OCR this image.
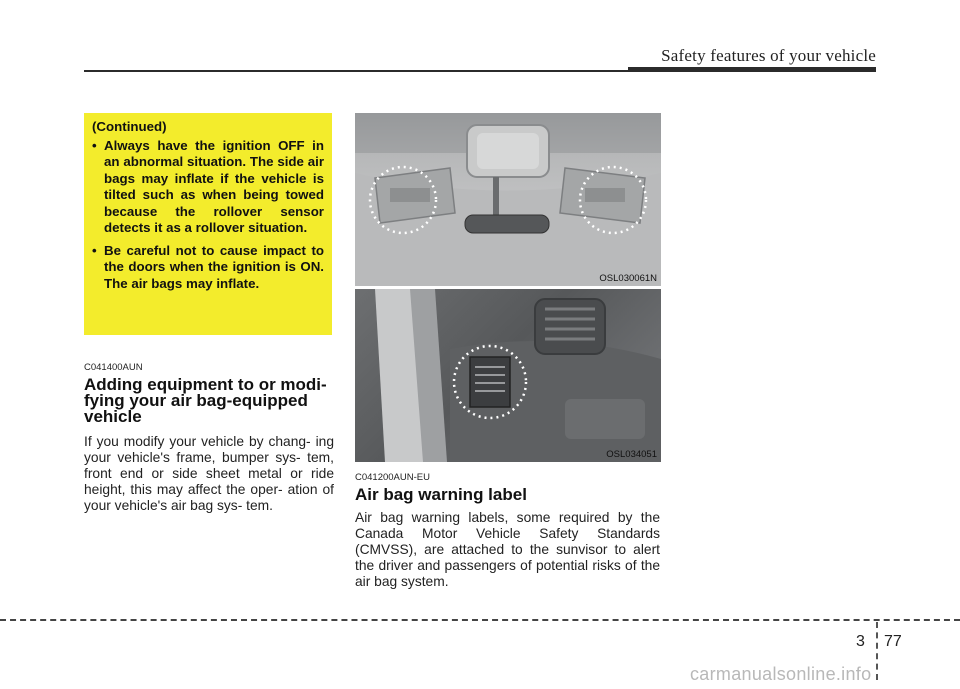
Safety features of your vehicle
(Continued)
• Always have the ignition OFF in an abnormal situation. The side air bags may inflate if the vehicle is tilted such as when being towed because the rollover sensor detects it as a rollover situation.
• Be careful not to cause impact to the doors when the ignition is ON. The air bags may inflate.
C041400AUN
Adding equipment to or modi- fying your air bag-equipped vehicle
If you modify your vehicle by chang- ing your vehicle's frame, bumper sys- tem, front end or side sheet metal or ride height, this may affect the oper- ation of your vehicle's air bag sys- tem.
OSL030061N
OSL034051
C041200AUN-EU
Air bag warning label
Air bag warning labels, some required by the Canada Motor Vehicle Safety Standards (CMVSS), are attached to the sunvisor to alert the driver and passengers of potential risks of the air bag system.
3 77
carmanualsonline.info
